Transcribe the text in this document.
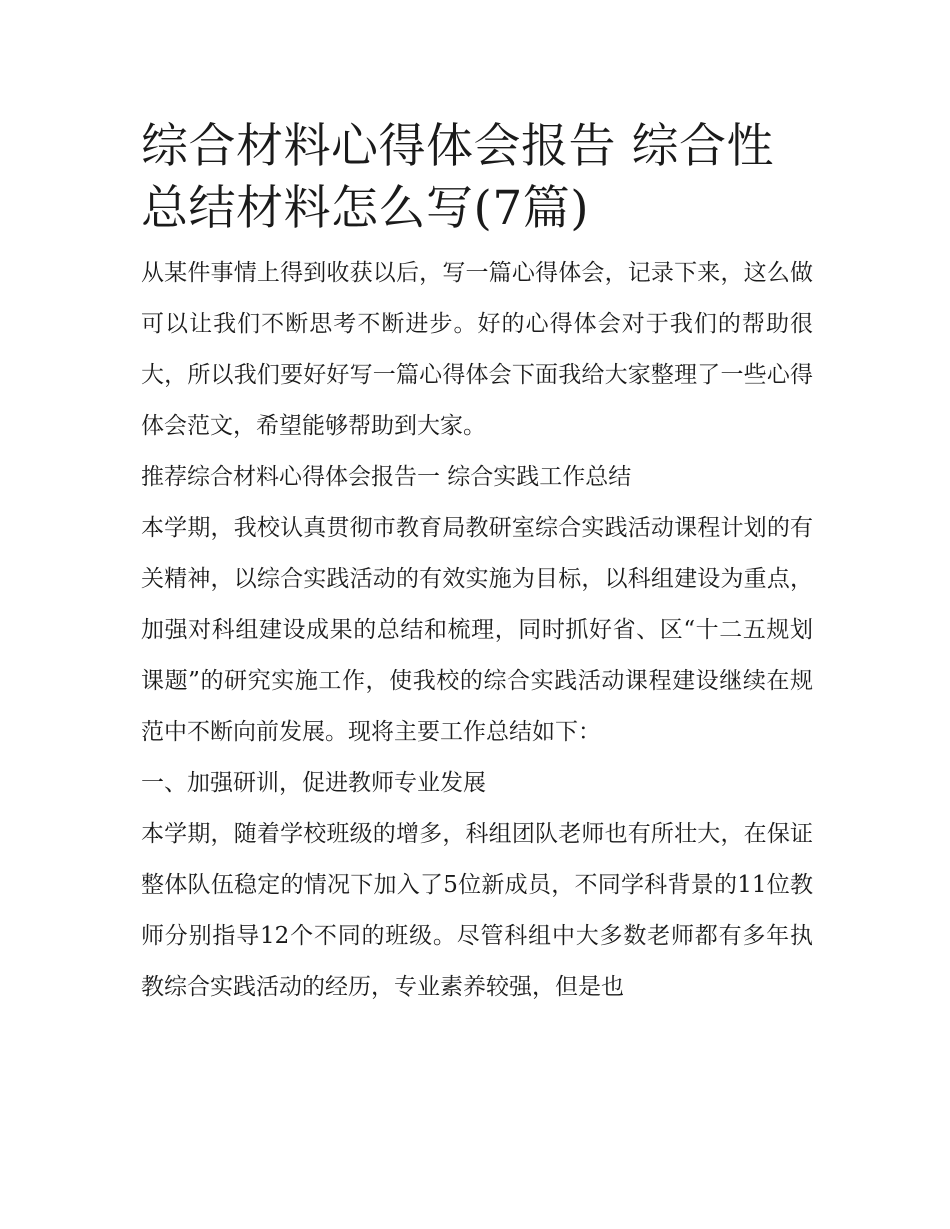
综合材料心得体会报告 综合性总结材料怎么写(7篇)

从某件事情上得到收获以后，写一篇心得体会，记录下来，这么做可以让我们不断思考不断进步。好的心得体会对于我们的帮助很大，所以我们要好好写一篇心得体会下面我给大家整理了一些心得体会范文，希望能够帮助到大家。

推荐综合材料心得体会报告一 综合实践工作总结

本学期，我校认真贯彻市教育局教研室综合实践活动课程计划的有关精神，以综合实践活动的有效实施为目标，以科组建设为重点，加强对科组建设成果的总结和梳理，同时抓好省、区“十二五规划课题”的研究实施工作，使我校的综合实践活动课程建设继续在规范中不断向前发展。现将主要工作总结如下：

一、加强研训，促进教师专业发展

本学期，随着学校班级的增多，科组团队老师也有所壮大，在保证整体队伍稳定的情况下加入了5位新成员，不同学科背景的11位教师分别指导12个不同的班级。尽管科组中大多数老师都有多年执教综合实践活动的经历，专业素养较强，但是也
